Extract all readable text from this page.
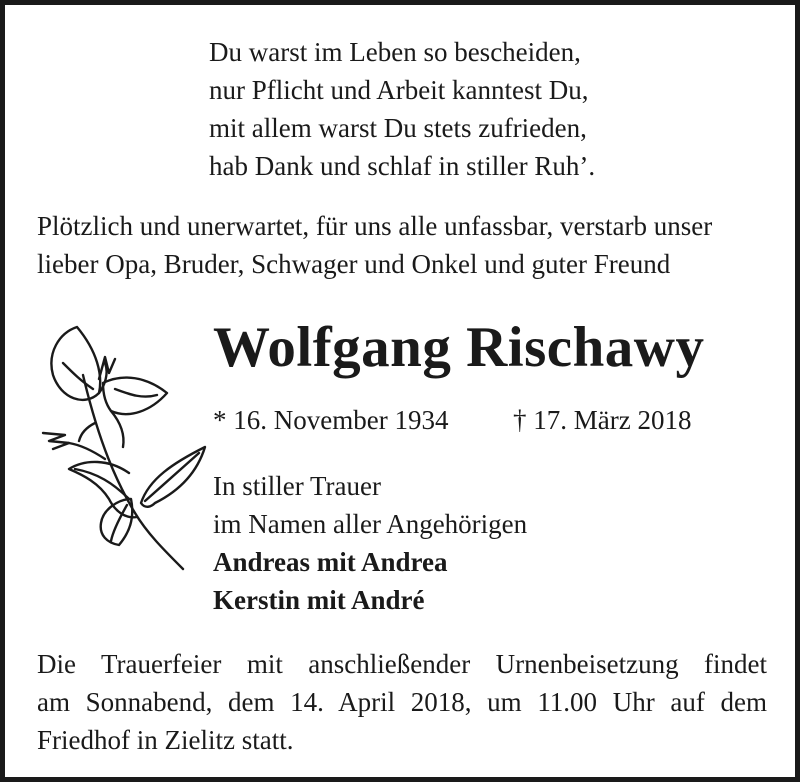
Du warst im Leben so bescheiden,
nur Pflicht und Arbeit kanntest Du,
mit allem warst Du stets zufrieden,
hab Dank und schlaf in stiller Ruh’.
Plötzlich und unerwartet, für uns alle unfassbar, verstarb unser
lieber Opa, Bruder, Schwager und Onkel und guter Freund
Wolfgang Rischawy
* 16. November 1934 † 17. März 2018
In stiller Trauer
im Namen aller Angehörigen
Andreas mit Andrea
Kerstin mit André
Die Trauerfeier mit anschließender Urnenbeisetzung findet
am Sonnabend, dem 14. April 2018, um 11.00 Uhr auf dem
Friedhof in Zielitz statt.
